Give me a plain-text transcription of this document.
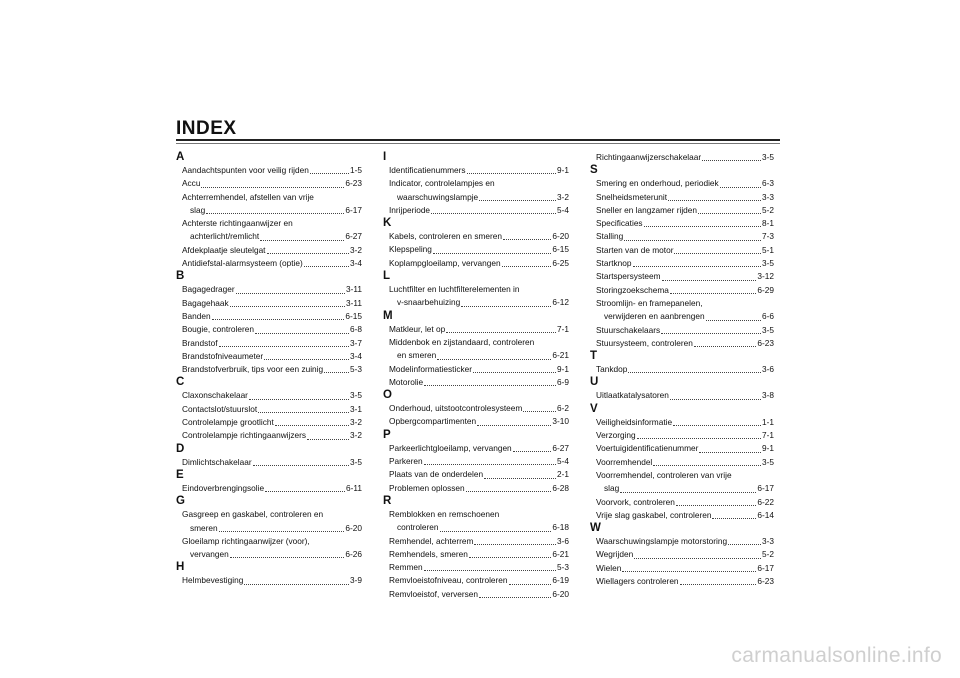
INDEX
A
Aandachtspunten voor veilig rijden	1-5
Accu	6-23
Achterremhendel, afstellen van vrije
slag	6-17
Achterste richtingaanwijzer en
achterlicht/remlicht	6-27
Afdekplaatje sleutelgat	3-2
Antidiefstal-alarmsysteem (optie)	3-4
B
Bagagedrager	3-11
Bagagehaak	3-11
Banden	6-15
Bougie, controleren	6-8
Brandstof	3-7
Brandstofniveaumeter	3-4
Brandstofverbruik, tips voor een zuinig	5-3
C
Claxonschakelaar	3-5
Contactslot/stuurslot	3-1
Controlelampje grootlicht	3-2
Controlelampje richtingaanwijzers	3-2
D
Dimlichtschakelaar	3-5
E
Eindoverbrengingsolie	6-11
G
Gasgreep en gaskabel, controleren en
smeren	6-20
Gloeilamp richtingaanwijzer (voor),
vervangen	6-26
H
Helmbevestiging	3-9
I
Identificatienummers	9-1
Indicator, controlelampjes en
waarschuwingslampje	3-2
Inrijperiode	5-4
K
Kabels, controleren en smeren	6-20
Klepspeling	6-15
Koplampgloeilamp, vervangen	6-25
L
Luchtfilter en luchtfilterelementen in
v-snaarbehuizing	6-12
M
Matkleur, let op	7-1
Middenbok en zijstandaard, controleren
en smeren	6-21
Modelinformatiesticker	9-1
Motorolie	6-9
O
Onderhoud, uitstootcontrolesysteem	6-2
Opbergcompartimenten	3-10
P
Parkeerlichtgloeilamp, vervangen	6-27
Parkeren	5-4
Plaats van de onderdelen	2-1
Problemen oplossen	6-28
R
Remblokken en remschoenen
controleren	6-18
Remhendel, achterrem	3-6
Remhendels, smeren	6-21
Remmen	5-3
Remvloeistofniveau, controleren	6-19
Remvloeistof, verversen	6-20
Richtingaanwijzerschakelaar	3-5
S
Smering en onderhoud, periodiek	6-3
Snelheidsmeterunit	3-3
Sneller en langzamer rijden	5-2
Specificaties	8-1
Stalling	7-3
Starten van de motor	5-1
Startknop	3-5
Startspersysteem	3-12
Storingzoekschema	6-29
Stroomlijn- en framepanelen,
verwijderen en aanbrengen	6-6
Stuurschakelaars	3-5
Stuursysteem, controleren	6-23
T
Tankdop	3-6
U
Uitlaatkatalysatoren	3-8
V
Veiligheidsinformatie	1-1
Verzorging	7-1
Voertuigidentificatienummer	9-1
Voorremhendel	3-5
Voorremhendel, controleren van vrije
slag	6-17
Voorvork, controleren	6-22
Vrije slag gaskabel, controleren	6-14
W
Waarschuwingslampje motorstoring	3-3
Wegrijden	5-2
Wielen	6-17
Wiellagers controleren	6-23
carmanualsonline.info
